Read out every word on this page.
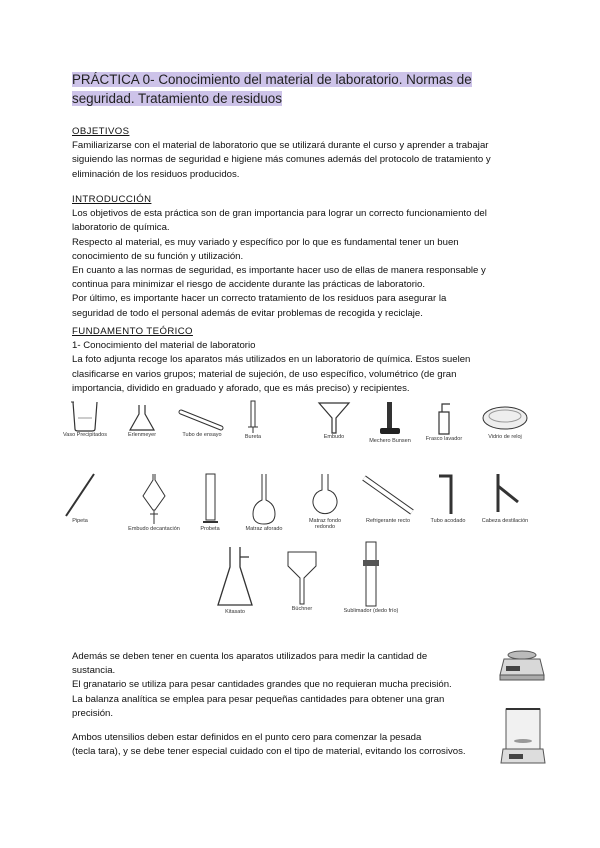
PRÁCTICA 0- Conocimiento del material de laboratorio. Normas de seguridad. Tratamiento de residuos
OBJETIVOS

Familiarizarse con el material de laboratorio que se utilizará durante el curso y aprender a trabajar

siguiendo las normas de seguridad e higiene más comunes además del protocolo de tratamiento y

eliminación de los residuos producidos.

INTRODUCCIÓN

Los objetivos de esta práctica son de gran importancia para lograr un correcto funcionamiento del

laboratorio de química.

Respecto al material, es muy variado y específico por lo que es fundamental tener un buen

conocimiento de su función y utilización.

En cuanto a las normas de seguridad, es importante hacer uso de ellas de manera responsable y

continua para minimizar el riesgo de accidente durante las prácticas de laboratorio.

Por último, es importante hacer un correcto tratamiento de los residuos para asegurar la

seguridad de todo el personal además de evitar problemas de recogida y reciclaje.

FUNDAMENTO TEÓRICO

1- Conocimiento del material de laboratorio

La foto adjunta recoge los aparatos más utilizados en un laboratorio de química. Estos suelen

clasificarse en varios grupos; material de sujeción, de uso específico, volumétrico (de gran

importancia, dividido en graduado y aforado, que es más preciso) y recipientes.

Vaso Precipitados	Erlenmeyer	Tubo de ensayo	Bureta	Embudo
Mechero Bunsen	Frasco lavador	Vidrio de reloj
Pipeta
Embudo decantación	Probeta	Matraz aforado
Matraz fondo redondo
Refrigerante recto	Tubo acodado	Cabeza destilación
Kitasato	Büchner	Sublimador (dedo frío)

Además se deben tener en cuenta los aparatos utilizados para medir la cantidad de

sustancia.

El granatario se utiliza para pesar cantidades grandes que no requieran mucha precisión.

La balanza analítica se emplea para pesar pequeñas cantidades para obtener una gran

precisión.

Ambos utensilios deben estar definidos en el punto cero para comenzar la pesada

(tecla tara), y se debe tener especial cuidado con el tipo de material, evitando los corrosivos.
